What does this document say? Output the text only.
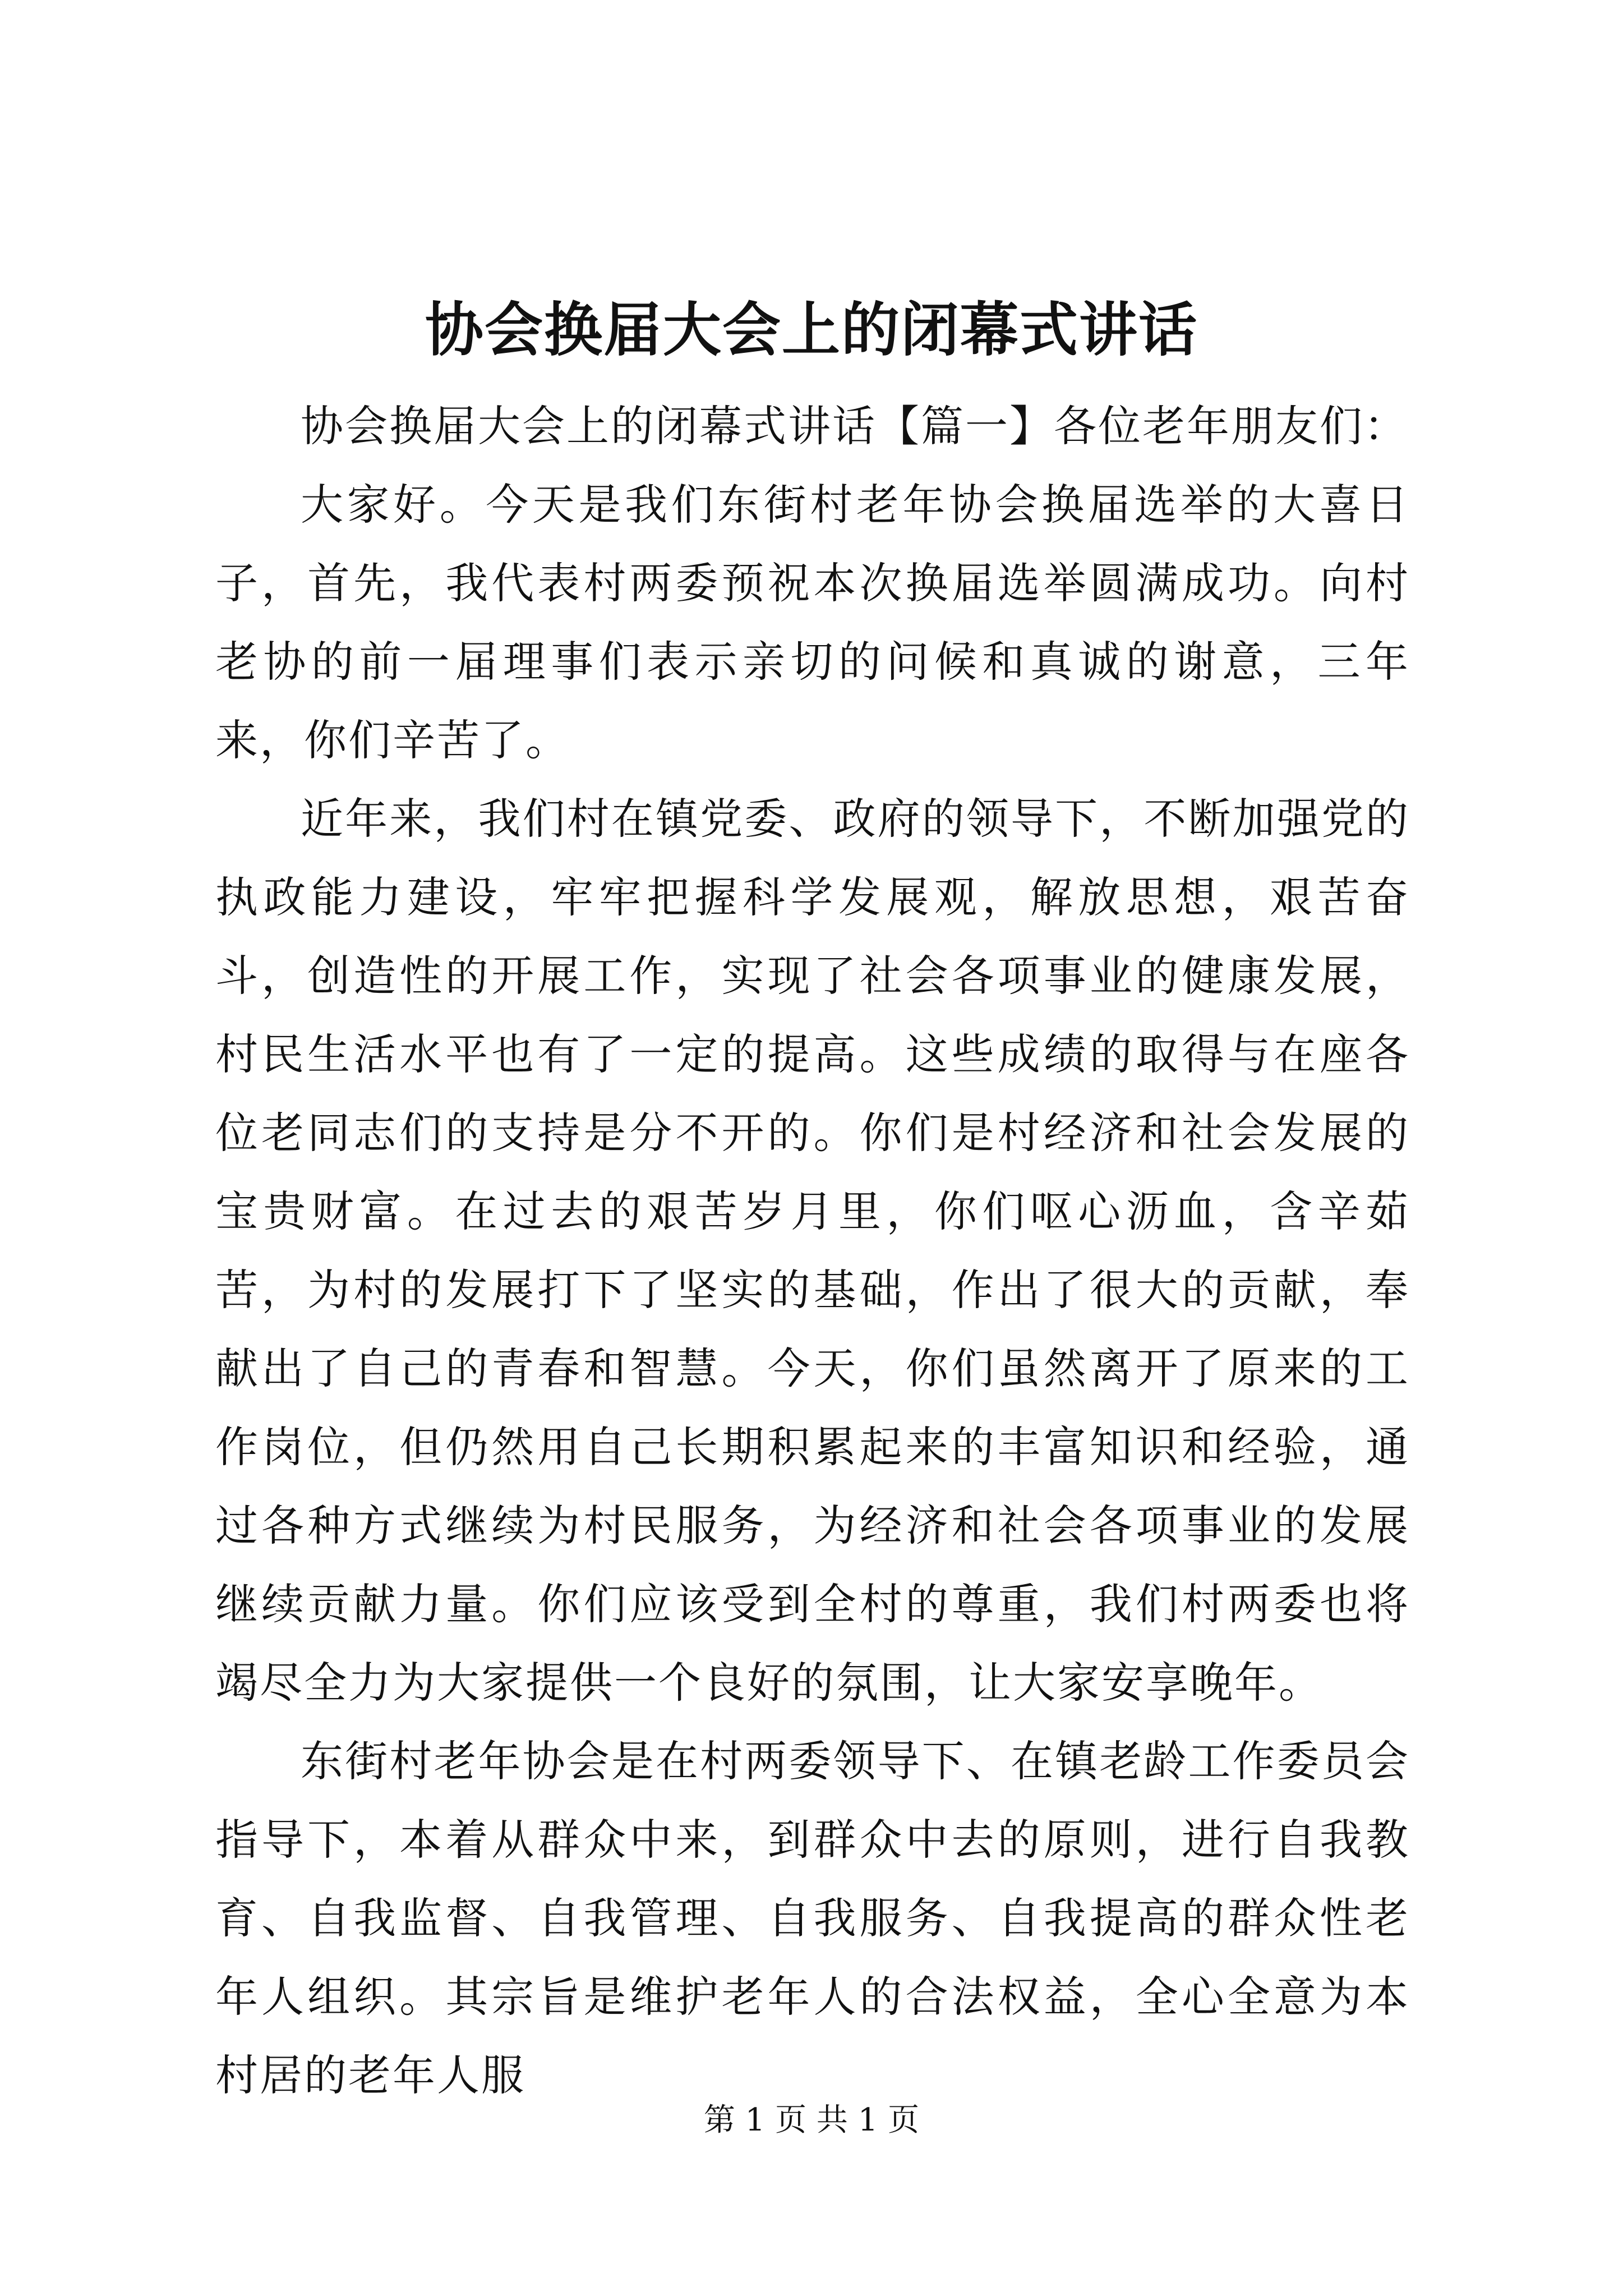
协会换届大会上的闭幕式讲话

协会换届大会上的闭幕式讲话【篇一】各位老年朋友们：

大家好。今天是我们东街村老年协会换届选举的大喜日子，首先，我代表村两委预祝本次换届选举圆满成功。向村老协的前一届理事们表示亲切的问候和真诚的谢意，三年来，你们辛苦了。

近年来，我们村在镇党委、政府的领导下，不断加强党的执政能力建设，牢牢把握科学发展观，解放思想，艰苦奋斗，创造性的开展工作，实现了社会各项事业的健康发展，村民生活水平也有了一定的提高。这些成绩的取得与在座各位老同志们的支持是分不开的。你们是村经济和社会发展的宝贵财富。在过去的艰苦岁月里，你们呕心沥血，含辛茹苦，为村的发展打下了坚实的基础，作出了很大的贡献，奉献出了自己的青春和智慧。今天，你们虽然离开了原来的工作岗位，但仍然用自己长期积累起来的丰富知识和经验，通过各种方式继续为村民服务，为经济和社会各项事业的发展继续贡献力量。你们应该受到全村的尊重，我们村两委也将竭尽全力为大家提供一个良好的氛围，让大家安享晚年。

东街村老年协会是在村两委领导下、在镇老龄工作委员会指导下，本着从群众中来，到群众中去的原则，进行自我教育、自我监督、自我管理、自我服务、自我提高的群众性老年人组织。其宗旨是维护老年人的合法权益，全心全意为本村居的老年人服

第 1 页 共 1 页
